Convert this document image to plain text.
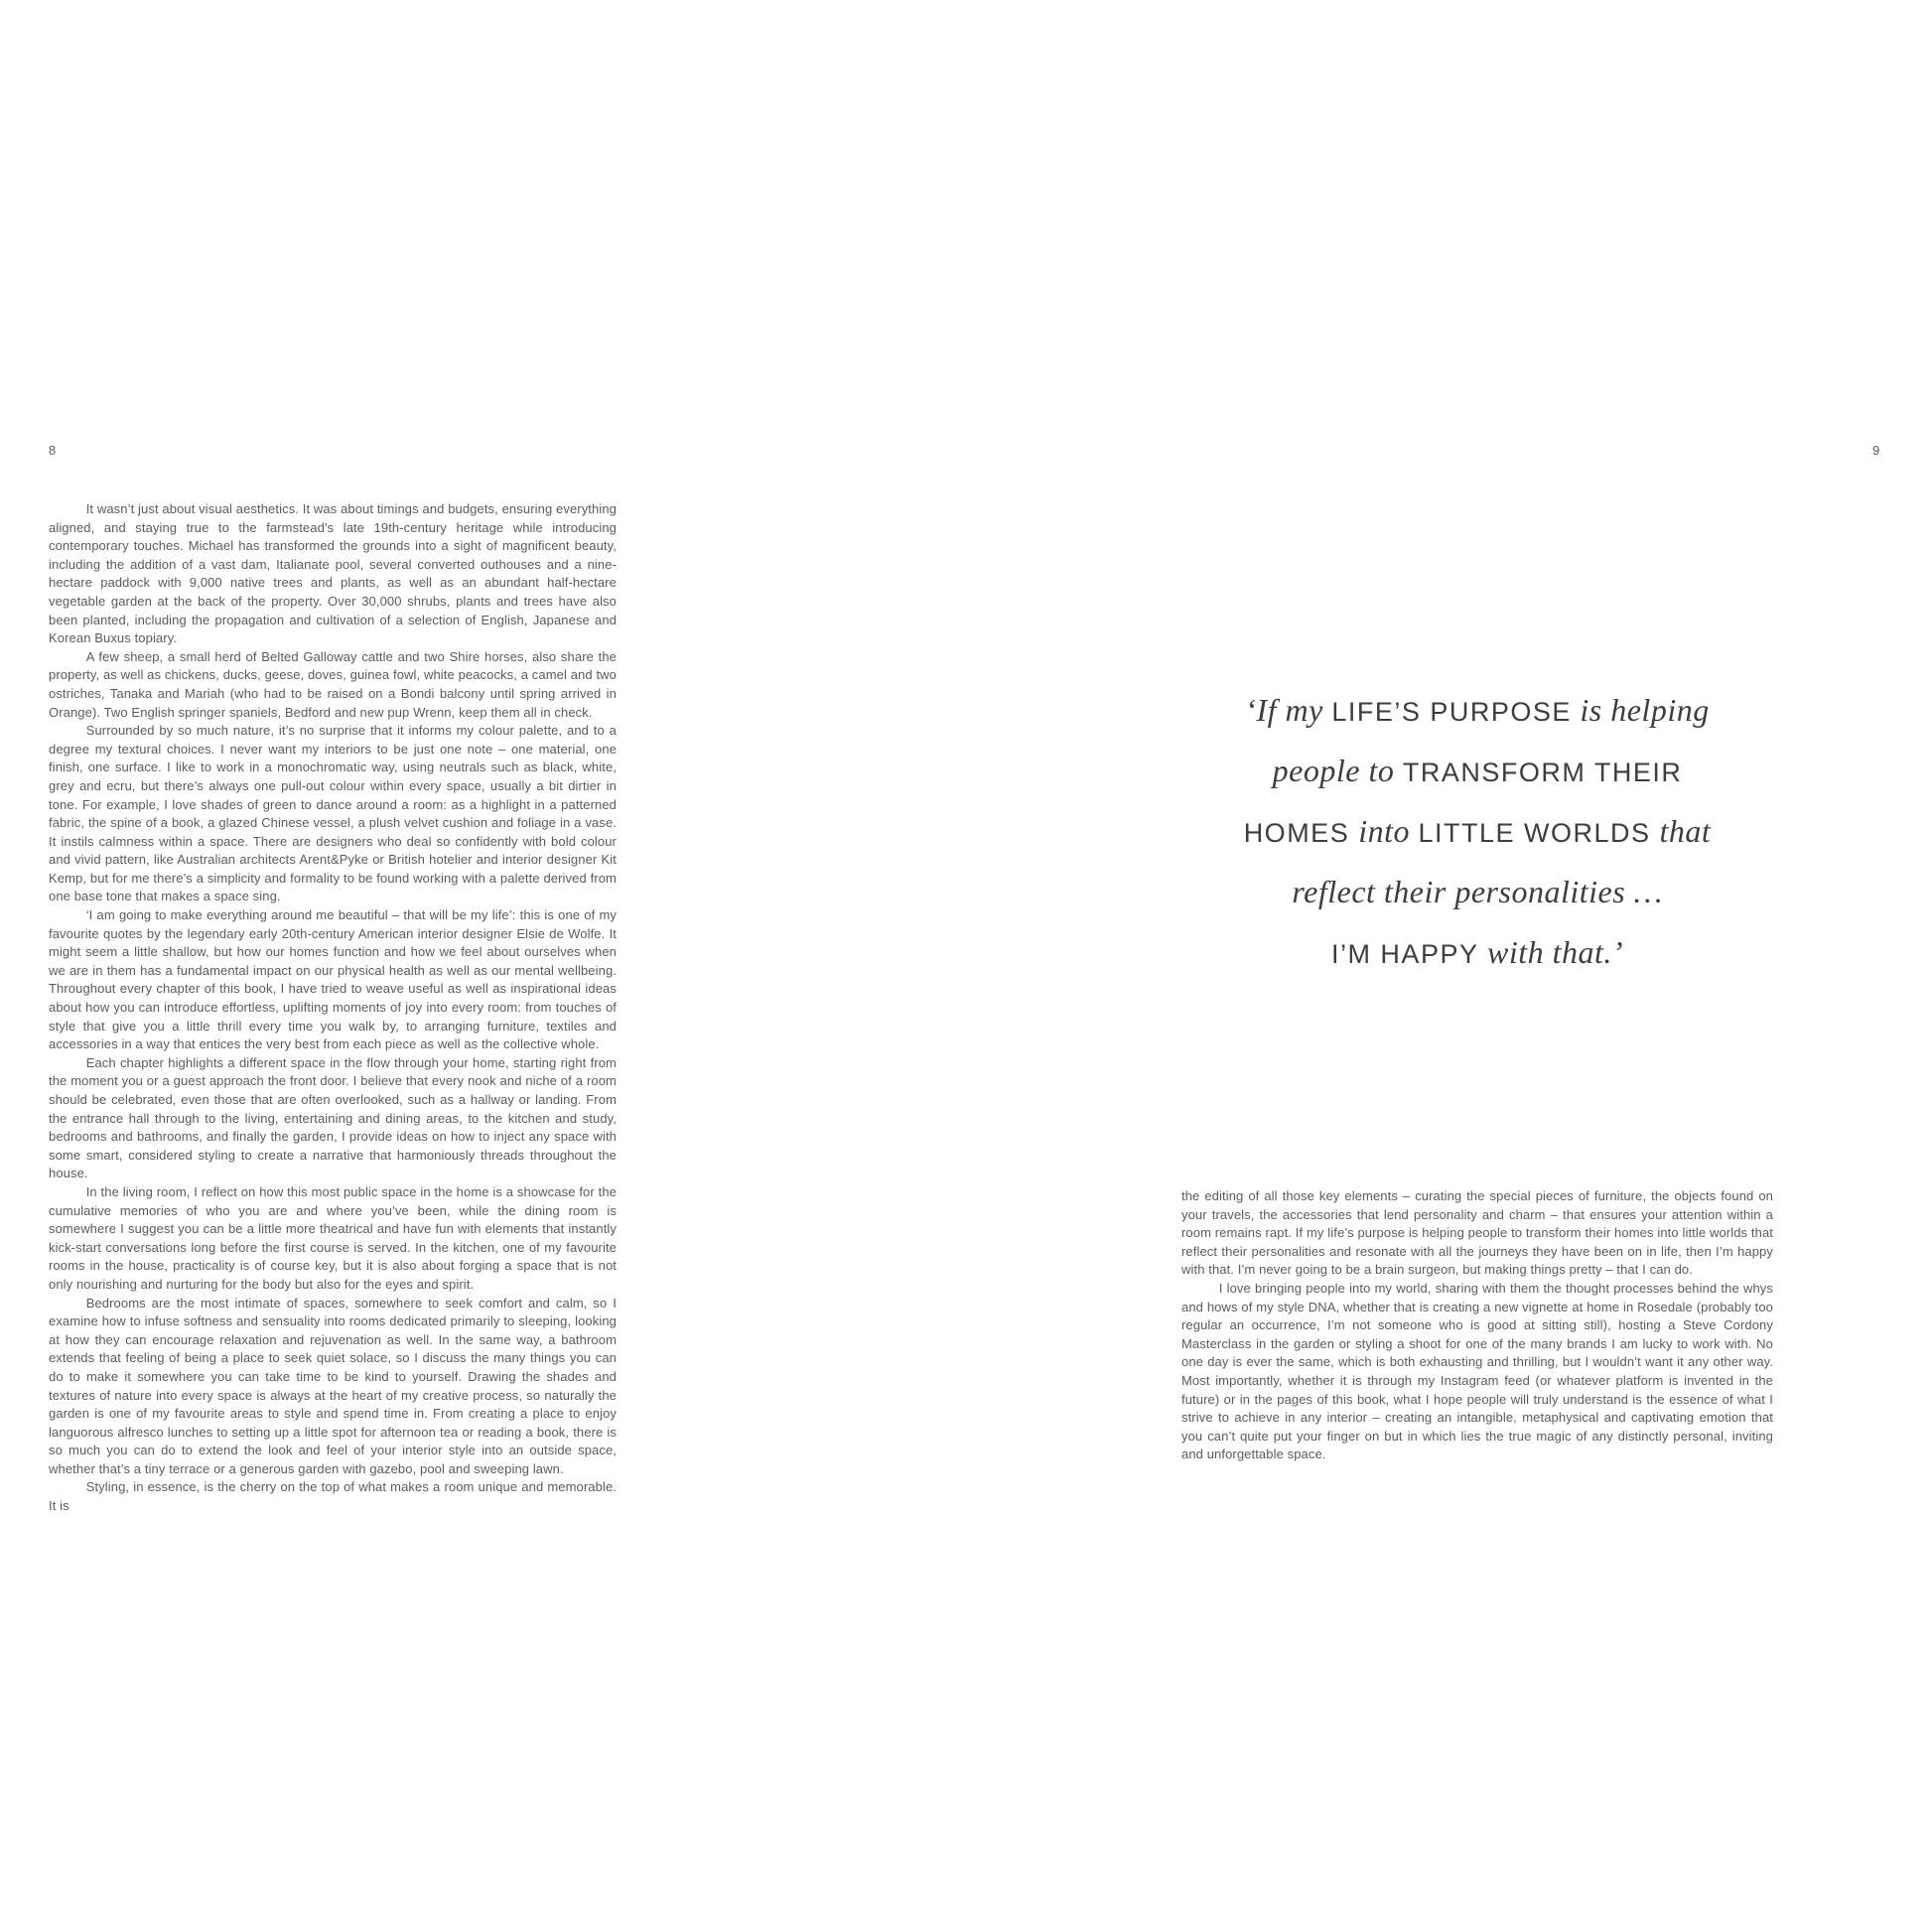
8	9

It wasn’t just about visual aesthetics. It was about timings and budgets, ensuring everything aligned, and staying true to the farmstead’s late 19th-century heritage while introducing contemporary touches. Michael has transformed the grounds into a sight of magnificent beauty, including the addition of a vast dam, Italianate pool, several converted outhouses and a nine-hectare paddock with 9,000 native trees and plants, as well as an abundant half-hectare vegetable garden at the back of the property. Over 30,000 shrubs, plants and trees have also been planted, including the propagation and cultivation of a selection of English, Japanese and Korean Buxus topiary.

A few sheep, a small herd of Belted Galloway cattle and two Shire horses, also share the property, as well as chickens, ducks, geese, doves, guinea fowl, white peacocks, a camel and two ostriches, Tanaka and Mariah (who had to be raised on a Bondi balcony until spring arrived in Orange). Two English springer spaniels, Bedford and new pup Wrenn, keep them all in check.

Surrounded by so much nature, it’s no surprise that it informs my colour palette, and to a degree my textural choices. I never want my interiors to be just one note – one material, one finish, one surface. I like to work in a monochromatic way, using neutrals such as black, white, grey and ecru, but there’s always one pull-out colour within every space, usually a bit dirtier in tone. For example, I love shades of green to dance around a room: as a highlight in a patterned fabric, the spine of a book, a glazed Chinese vessel, a plush velvet cushion and foliage in a vase. It instils calmness within a space. There are designers who deal so confidently with bold colour and vivid pattern, like Australian architects Arent&Pyke or British hotelier and interior designer Kit Kemp, but for me there’s a simplicity and formality to be found working with a palette derived from one base tone that makes a space sing.

‘I am going to make everything around me beautiful – that will be my life’: this is one of my favourite quotes by the legendary early 20th-century American interior designer Elsie de Wolfe. It might seem a little shallow, but how our homes function and how we feel about ourselves when we are in them has a fundamental impact on our physical health as well as our mental wellbeing. Throughout every chapter of this book, I have tried to weave useful as well as inspirational ideas about how you can introduce effortless, uplifting moments of joy into every room: from touches of style that give you a little thrill every time you walk by, to arranging furniture, textiles and accessories in a way that entices the very best from each piece as well as the collective whole.

Each chapter highlights a different space in the flow through your home, starting right from the moment you or a guest approach the front door. I believe that every nook and niche of a room should be celebrated, even those that are often overlooked, such as a hallway or landing. From the entrance hall through to the living, entertaining and dining areas, to the kitchen and study, bedrooms and bathrooms, and finally the garden, I provide ideas on how to inject any space with some smart, considered styling to create a narrative that harmoniously threads throughout the house.

In the living room, I reflect on how this most public space in the home is a showcase for the cumulative memories of who you are and where you’ve been, while the dining room is somewhere I suggest you can be a little more theatrical and have fun with elements that instantly kick-start conversations long before the first course is served. In the kitchen, one of my favourite rooms in the house, practicality is of course key, but it is also about forging a space that is not only nourishing and nurturing for the body but also for the eyes and spirit.

Bedrooms are the most intimate of spaces, somewhere to seek comfort and calm, so I examine how to infuse softness and sensuality into rooms dedicated primarily to sleeping, looking at how they can encourage relaxation and rejuvenation as well. In the same way, a bathroom extends that feeling of being a place to seek quiet solace, so I discuss the many things you can do to make it somewhere you can take time to be kind to yourself. Drawing the shades and textures of nature into every space is always at the heart of my creative process, so naturally the garden is one of my favourite areas to style and spend time in. From creating a place to enjoy languorous alfresco lunches to setting up a little spot for afternoon tea or reading a book, there is so much you can do to extend the look and feel of your interior style into an outside space, whether that’s a tiny terrace or a generous garden with gazebo, pool and sweeping lawn.

Styling, in essence, is the cherry on the top of what makes a room unique and memorable. It is

‘If my LIFE’S PURPOSE is helping
people to TRANSFORM THEIR
HOMES into LITTLE WORLDS that
reflect their personalities …
I’M HAPPY with that.’

the editing of all those key elements – curating the special pieces of furniture, the objects found on your travels, the accessories that lend personality and charm – that ensures your attention within a room remains rapt. If my life’s purpose is helping people to transform their homes into little worlds that reflect their personalities and resonate with all the journeys they have been on in life, then I’m happy with that. I’m never going to be a brain surgeon, but making things pretty – that I can do.

I love bringing people into my world, sharing with them the thought processes behind the whys and hows of my style DNA, whether that is creating a new vignette at home in Rosedale (probably too regular an occurrence, I’m not someone who is good at sitting still), hosting a Steve Cordony Masterclass in the garden or styling a shoot for one of the many brands I am lucky to work with. No one day is ever the same, which is both exhausting and thrilling, but I wouldn’t want it any other way. Most importantly, whether it is through my Instagram feed (or whatever platform is invented in the future) or in the pages of this book, what I hope people will truly understand is the essence of what I strive to achieve in any interior – creating an intangible, metaphysical and captivating emotion that you can’t quite put your finger on but in which lies the true magic of any distinctly personal, inviting and unforgettable space.
